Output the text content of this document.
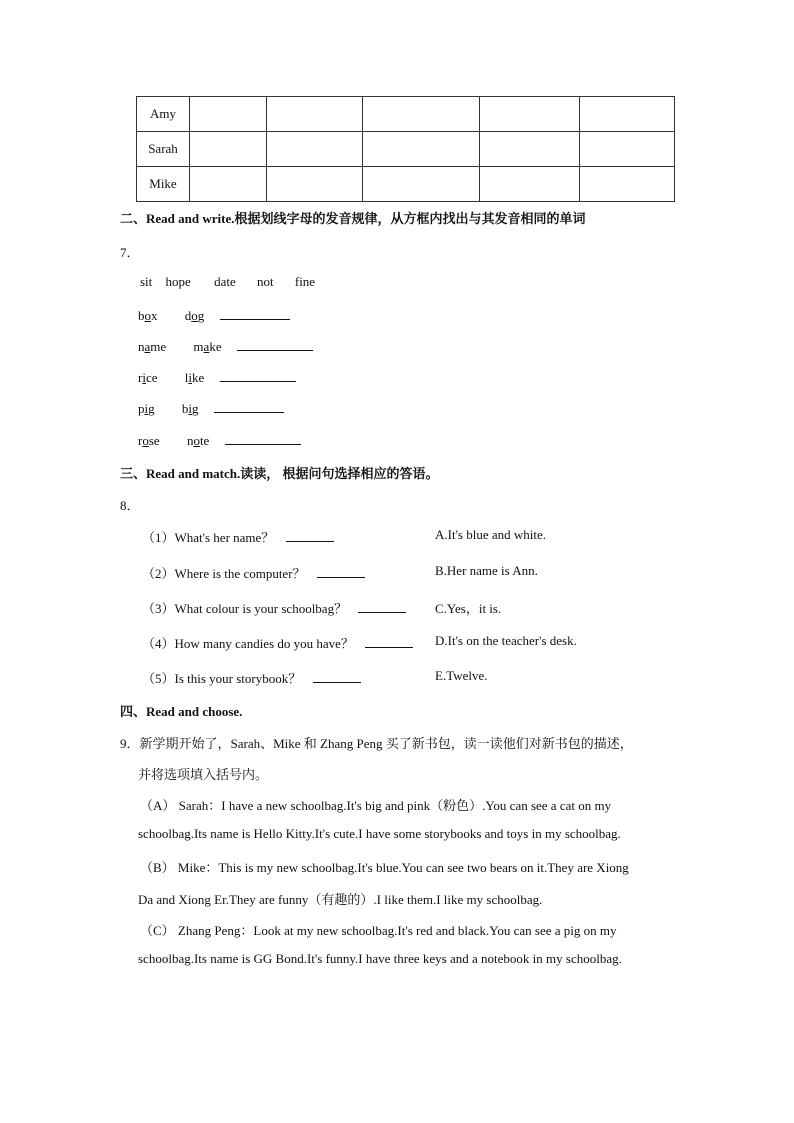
Amy					
Sarah					
Mike					
二、Read and write.根据划线字母的发音规律，从方框内找出与其发音相同的单词
7．
sit hope date not fine
box dog
name make
rice like
pig big
rose note
三、Read and match.读读， 根据问句选择相应的答语。
8．
（1）What's her name？
（2）Where is the computer？
（3）What colour is your schoolbag？
（4）How many candies do you have？
（5）Is this your storybook？
A.It's blue and white.
B.Her name is Ann.
C.Yes，it is.
D.It's on the teacher's desk.
E.Twelve.
四、Read and choose.
9．新学期开始了，Sarah、Mike 和 Zhang Peng 买了新书包，读一读他们对新书包的描述，
并将选项填入括号内。
（A） Sarah：I have a new schoolbag.It's big and pink（粉色）.You can see a cat on my
schoolbag.Its name is Hello Kitty.It's cute.I have some storybooks and toys in my schoolbag.
（B） Mike：This is my new schoolbag.It's blue.You can see two bears on it.They are Xiong
Da and Xiong Er.They are funny（有趣的）.I like them.I like my schoolbag.
（C） Zhang Peng：Look at my new schoolbag.It's red and black.You can see a pig on my
schoolbag.Its name is GG Bond.It's funny.I have three keys and a notebook in my schoolbag.
